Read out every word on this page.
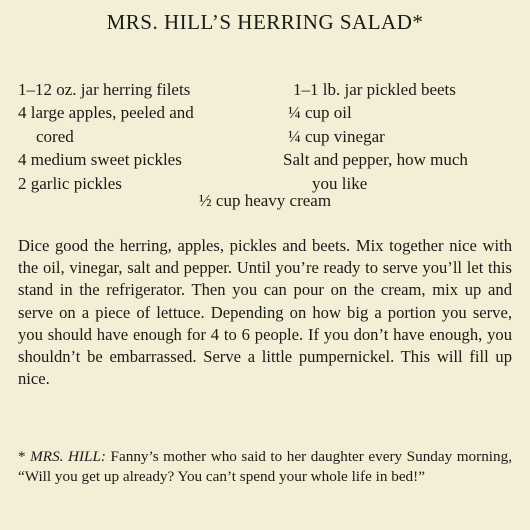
MRS. HILL’S HERRING SALAD*
1–12 oz. jar herring filets
4 large apples, peeled and
cored
4 medium sweet pickles
2 garlic pickles
1–1 lb. jar pickled beets
¼ cup oil
¼ cup vinegar
Salt and pepper, how much
you like
½ cup heavy cream
Dice good the herring, apples, pickles and beets. Mix together nice with the oil, vinegar, salt and pepper. Until you’re ready to serve you’ll let this stand in the refrigerator. Then you can pour on the cream, mix up and serve on a piece of lettuce. Depending on how big a portion you serve, you should have enough for 4 to 6 people. If you don’t have enough, you shouldn’t be embarrassed. Serve a little pumpernickel. This will fill up nice.
* MRS. HILL: Fanny’s mother who said to her daughter every Sunday morning, “Will you get up already? You can’t spend your whole life in bed!”
